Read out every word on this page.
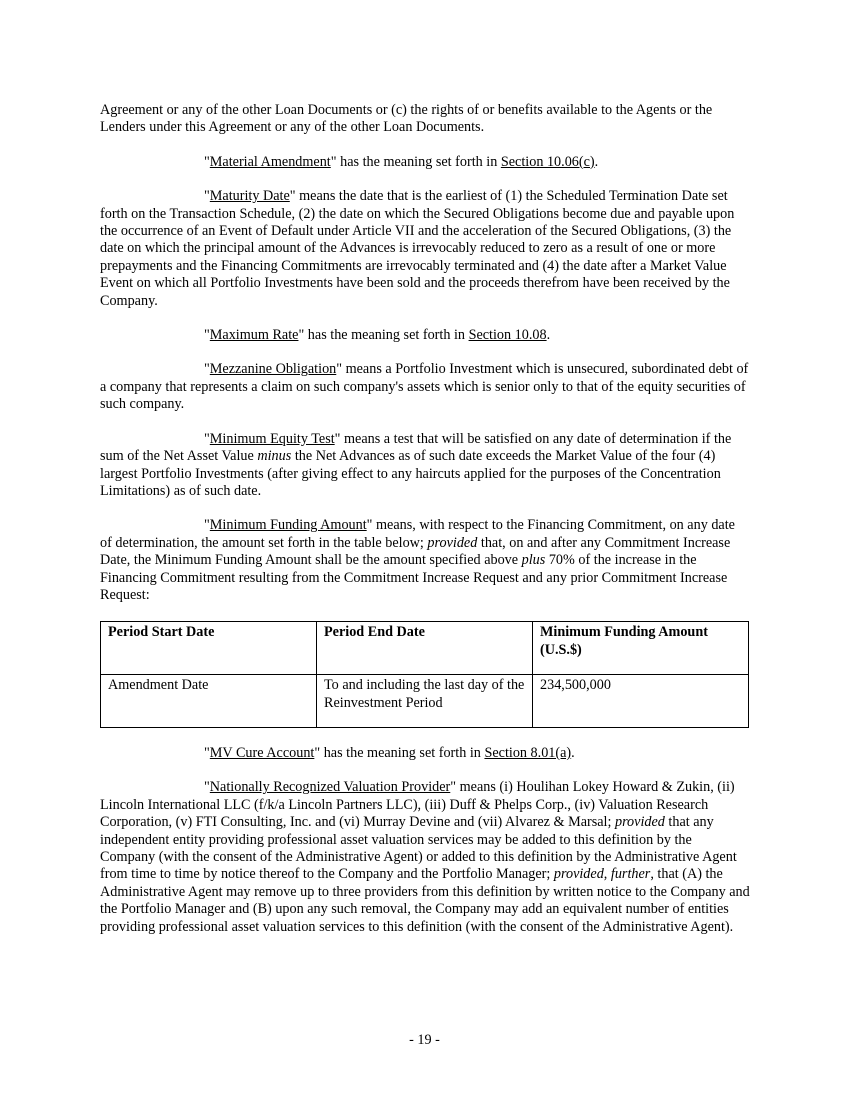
Agreement or any of the other Loan Documents or (c) the rights of or benefits available to the Agents or the Lenders under this Agreement or any of the other Loan Documents.

"Material Amendment" has the meaning set forth in Section 10.06(c).

"Maturity Date" means the date that is the earliest of (1) the Scheduled Termination Date set forth on the Transaction Schedule, (2) the date on which the Secured Obligations become due and payable upon the occurrence of an Event of Default under Article VII and the acceleration of the Secured Obligations, (3) the date on which the principal amount of the Advances is irrevocably reduced to zero as a result of one or more prepayments and the Financing Commitments are irrevocably terminated and (4) the date after a Market Value Event on which all Portfolio Investments have been sold and the proceeds therefrom have been received by the Company.

"Maximum Rate" has the meaning set forth in Section 10.08.

"Mezzanine Obligation" means a Portfolio Investment which is unsecured, subordinated debt of a company that represents a claim on such company's assets which is senior only to that of the equity securities of such company.

"Minimum Equity Test" means a test that will be satisfied on any date of determination if the sum of the Net Asset Value minus the Net Advances as of such date exceeds the Market Value of the four (4) largest Portfolio Investments (after giving effect to any haircuts applied for the purposes of the Concentration Limitations) as of such date.

"Minimum Funding Amount" means, with respect to the Financing Commitment, on any date of determination, the amount set forth in the table below; provided that, on and after any Commitment Increase Date, the Minimum Funding Amount shall be the amount specified above plus 70% of the increase in the Financing Commitment resulting from the Commitment Increase Request and any prior Commitment Increase Request:

Period Start Date	Period End Date	Minimum Funding Amount (U.S.$)
Amendment Date	To and including the last day of the Reinvestment Period	234,500,000

"MV Cure Account" has the meaning set forth in Section 8.01(a).

"Nationally Recognized Valuation Provider" means (i) Houlihan Lokey Howard & Zukin, (ii) Lincoln International LLC (f/k/a Lincoln Partners LLC), (iii) Duff & Phelps Corp., (iv) Valuation Research Corporation, (v) FTI Consulting, Inc. and (vi) Murray Devine and (vii) Alvarez & Marsal; provided that any independent entity providing professional asset valuation services may be added to this definition by the Company (with the consent of the Administrative Agent) or added to this definition by the Administrative Agent from time to time by notice thereof to the Company and the Portfolio Manager; provided, further, that (A) the Administrative Agent may remove up to three providers from this definition by written notice to the Company and the Portfolio Manager and (B) upon any such removal, the Company may add an equivalent number of entities providing professional asset valuation services to this definition (with the consent of the Administrative Agent).

- 19 -
